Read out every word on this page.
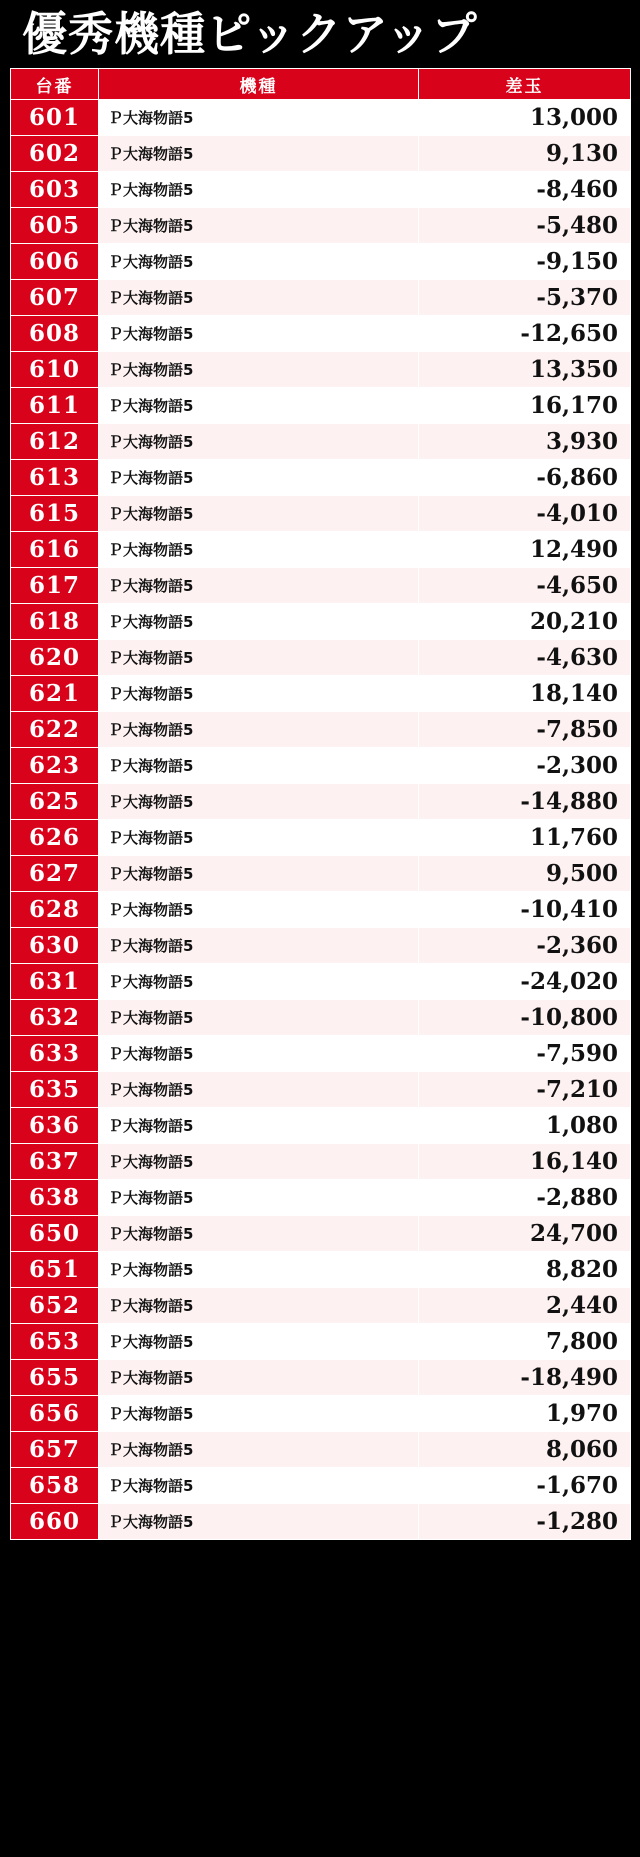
優秀機種ピックアップ
台番	機種	差玉
601	Ｐ大海物語5	13,000
602	Ｐ大海物語5	9,130
603	Ｐ大海物語5	-8,460
605	Ｐ大海物語5	-5,480
606	Ｐ大海物語5	-9,150
607	Ｐ大海物語5	-5,370
608	Ｐ大海物語5	-12,650
610	Ｐ大海物語5	13,350
611	Ｐ大海物語5	16,170
612	Ｐ大海物語5	3,930
613	Ｐ大海物語5	-6,860
615	Ｐ大海物語5	-4,010
616	Ｐ大海物語5	12,490
617	Ｐ大海物語5	-4,650
618	Ｐ大海物語5	20,210
620	Ｐ大海物語5	-4,630
621	Ｐ大海物語5	18,140
622	Ｐ大海物語5	-7,850
623	Ｐ大海物語5	-2,300
625	Ｐ大海物語5	-14,880
626	Ｐ大海物語5	11,760
627	Ｐ大海物語5	9,500
628	Ｐ大海物語5	-10,410
630	Ｐ大海物語5	-2,360
631	Ｐ大海物語5	-24,020
632	Ｐ大海物語5	-10,800
633	Ｐ大海物語5	-7,590
635	Ｐ大海物語5	-7,210
636	Ｐ大海物語5	1,080
637	Ｐ大海物語5	16,140
638	Ｐ大海物語5	-2,880
650	Ｐ大海物語5	24,700
651	Ｐ大海物語5	8,820
652	Ｐ大海物語5	2,440
653	Ｐ大海物語5	7,800
655	Ｐ大海物語5	-18,490
656	Ｐ大海物語5	1,970
657	Ｐ大海物語5	8,060
658	Ｐ大海物語5	-1,670
660	Ｐ大海物語5	-1,280
